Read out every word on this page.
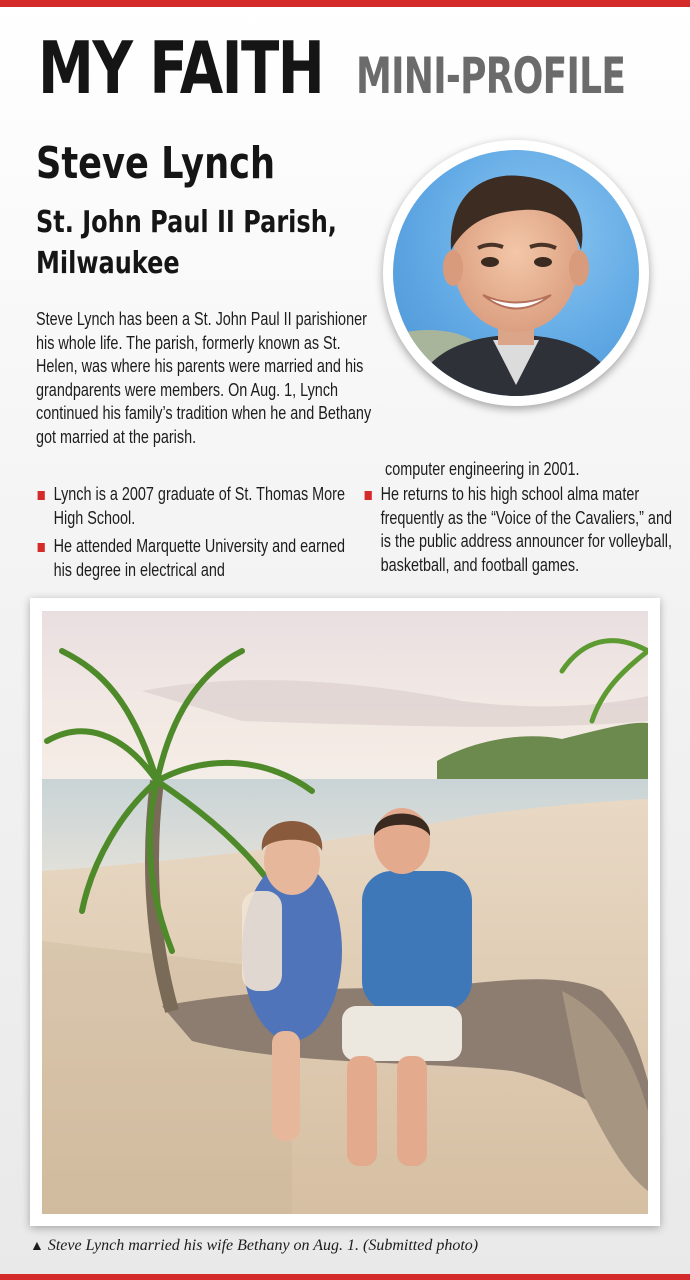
MY FAITH MINI-PROFILE
Steve Lynch
St. John Paul II Parish,
Milwaukee
Steve Lynch has been a St. John Paul II parishioner his whole life. The parish, formerly known as St. Helen, was where his parents were married and his grandparents were members. On Aug. 1, Lynch continued his family’s tradition when he and Bethany got married at the parish.
Lynch is a 2007 graduate of St. Thomas More High School.
He attended Marquette University and earned his degree in electrical and
computer engineering in 2001.
He returns to his high school alma mater frequently as the “Voice of the Cavaliers,” and is the public address announcer for volleyball, basketball, and football games.
▲ Steve Lynch married his wife Bethany on Aug. 1. (Submitted photo)
